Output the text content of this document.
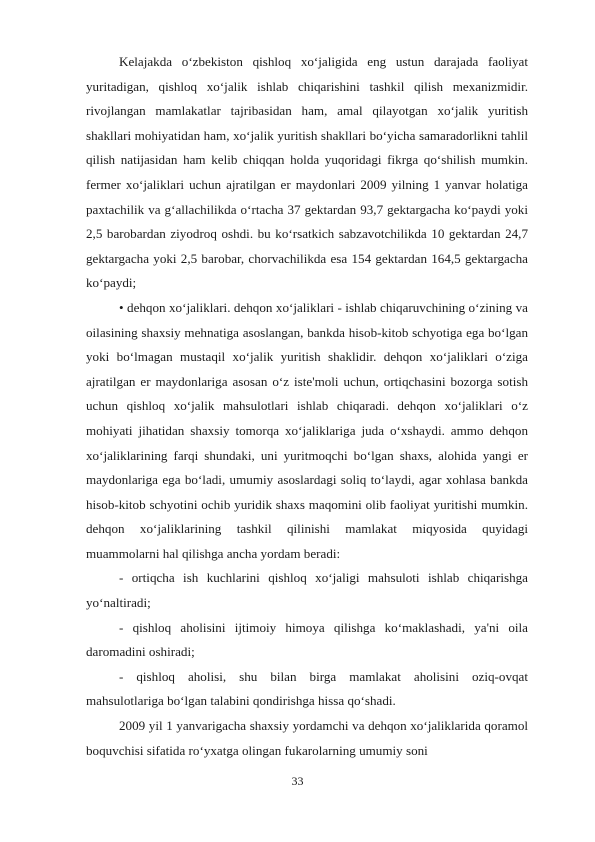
Kelajakda o‘zbekiston qishloq xo‘jaligida eng ustun darajada faoliyat yuritadigan, qishloq xo‘jalik ishlab chiqarishini tashkil qilish mexanizmidir. rivojlangan mamlakatlar tajribasidan ham, amal qilayotgan xo‘jalik yuritish shakllari mohiyatidan ham, xo‘jalik yuritish shakllari bo‘yicha samaradorlikni tahlil qilish natijasidan ham kelib chiqqan holda yuqoridagi fikrga qo‘shilish mumkin. fermer xo‘jaliklari uchun ajratilgan er maydonlari 2009 yilning 1 yanvar holatiga paxtachilik va g‘allachilikda o‘rtacha 37 gektardan 93,7 gektargacha ko‘paydi yoki 2,5 barobardan ziyodroq oshdi. bu ko‘rsatkich sabzavotchilikda 10 gektardan 24,7 gektargacha yoki 2,5 barobar, chorvachilikda esa 154 gektardan 164,5 gektargacha ko‘paydi;

• dehqon xo‘jaliklari. dehqon xo‘jaliklari - ishlab chiqaruvchining o‘zining va oilasining shaxsiy mehnatiga asoslangan, bankda hisob-kitob schyotiga ega bo‘lgan yoki bo‘lmagan mustaqil xo‘jalik yuritish shaklidir. dehqon xo‘jaliklari o‘ziga ajratilgan er maydonlariga asosan o‘z iste'moli uchun, ortiqchasini bozorga sotish uchun qishloq xo‘jalik mahsulotlari ishlab chiqaradi. dehqon xo‘jaliklari o‘z mohiyati jihatidan shaxsiy tomorqa xo‘jaliklariga juda o‘xshaydi. ammo dehqon xo‘jaliklarining farqi shundaki, uni yuritmoqchi bo‘lgan shaxs, alohida yangi er maydonlariga ega bo‘ladi, umumiy asoslardagi soliq to‘laydi, agar xohlasa bankda hisob-kitob schyotini ochib yuridik shaxs maqomini olib faoliyat yuritishi mumkin. dehqon xo‘jaliklarining tashkil qilinishi mamlakat miqyosida quyidagi muammolarni hal qilishga ancha yordam beradi:

- ortiqcha ish kuchlarini qishloq xo‘jaligi mahsuloti ishlab chiqarishga yo‘naltiradi;

- qishloq aholisini ijtimoiy himoya qilishga ko‘maklashadi, ya'ni oila daromadini oshiradi;

- qishloq aholisi, shu bilan birga mamlakat aholisini oziq-ovqat mahsulotlariga bo‘lgan talabini qondirishga hissa qo‘shadi.

2009 yil 1 yanvarigacha shaxsiy yordamchi va dehqon xo‘jaliklarida qoramol boquvchisi sifatida ro‘yxatga olingan fukarolarning umumiy soni

33
